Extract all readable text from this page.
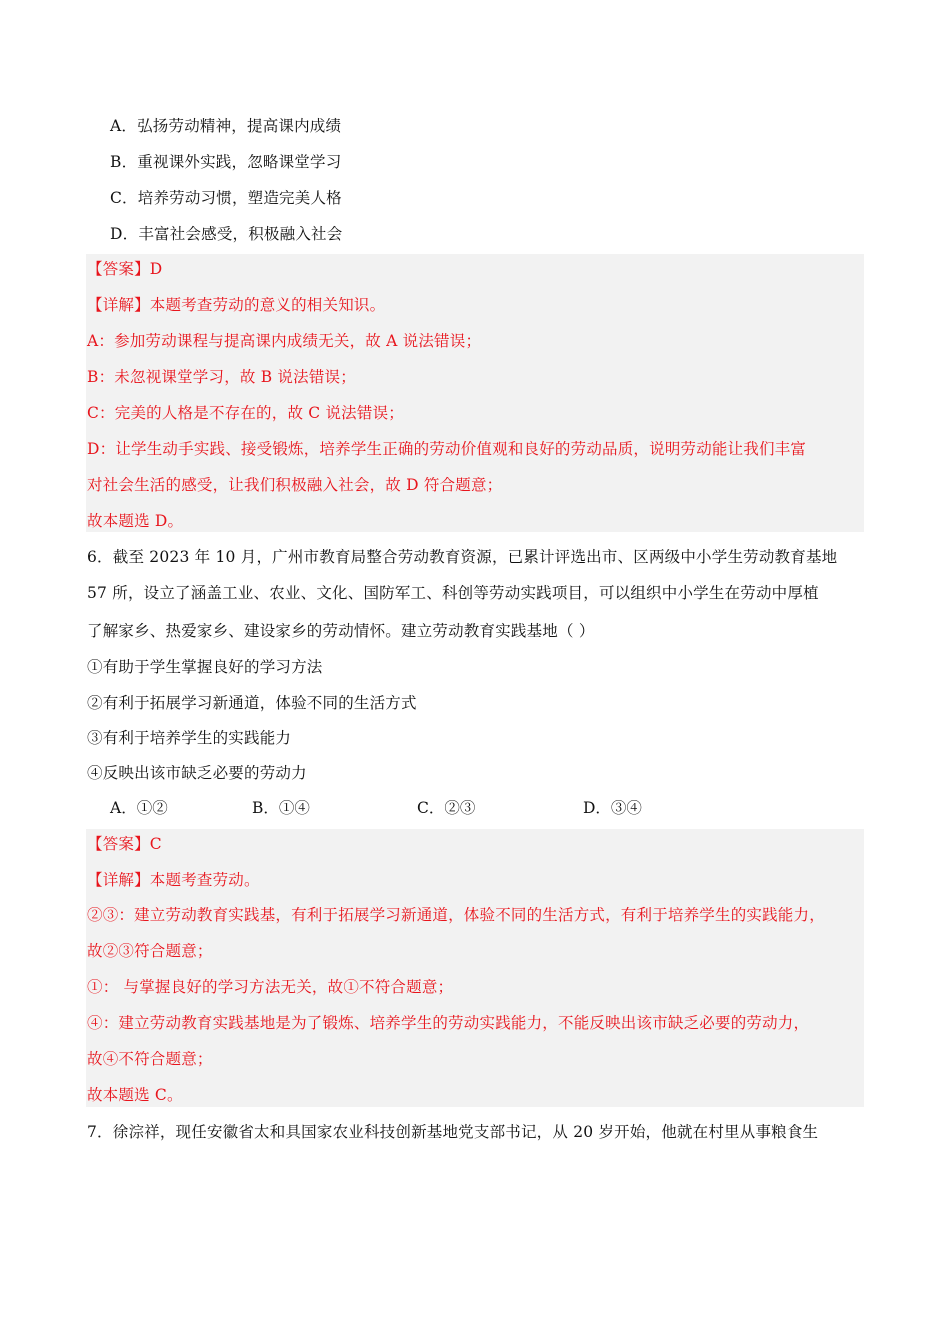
A．弘扬劳动精神，提高课内成绩
B．重视课外实践，忽略课堂学习
C．培养劳动习惯，塑造完美人格
D．丰富社会感受，积极融入社会
【答案】D
【详解】本题考查劳动的意义的相关知识。
A：参加劳动课程与提高课内成绩无关，故 A 说法错误；
B：未忽视课堂学习，故 B 说法错误；
C：完美的人格是不存在的，故 C 说法错误；
D：让学生动手实践、接受锻炼，培养学生正确的劳动价值观和良好的劳动品质，说明劳动能让我们丰富
对社会生活的感受，让我们积极融入社会，故 D 符合题意；
故本题选 D。
6．截至 2023 年 10 月，广州市教育局整合劳动教育资源，已累计评选出市、区两级中小学生劳动教育基地
57 所，设立了涵盖工业、农业、文化、国防军工、科创等劳动实践项目，可以组织中小学生在劳动中厚植
了解家乡、热爱家乡、建设家乡的劳动情怀。建立劳动教育实践基地（ ）
①有助于学生掌握良好的学习方法
②有利于拓展学习新通道，体验不同的生活方式
③有利于培养学生的实践能力
④反映出该市缺乏必要的劳动力
A．①②	B．①④	C．②③	D．③④
【答案】C
【详解】本题考查劳动。
②③：建立劳动教育实践基，有利于拓展学习新通道，体验不同的生活方式，有利于培养学生的实践能力，
故②③符合题意；
①： 与掌握良好的学习方法无关，故①不符合题意；
④：建立劳动教育实践基地是为了锻炼、培养学生的劳动实践能力，不能反映出该市缺乏必要的劳动力，
故④不符合题意；
故本题选 C。
7．徐淙祥，现任安徽省太和具国家农业科技创新基地党支部书记，从 20 岁开始，他就在村里从事粮食生
